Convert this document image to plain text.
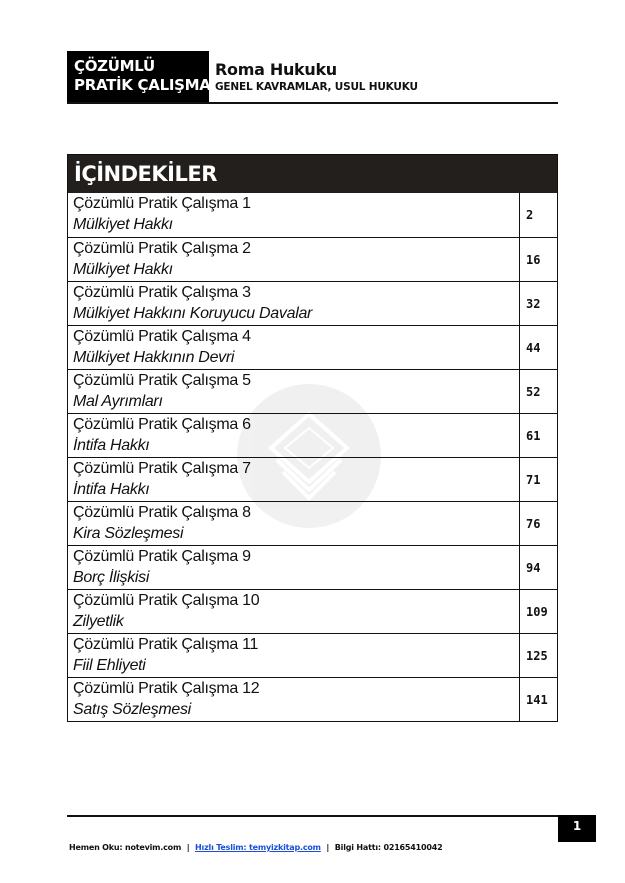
ÇÖZÜMLÜ
PRATİK ÇALIŞMA
Roma Hukuku
GENEL KAVRAMLAR, USUL HUKUKU
İÇİNDEKİLER
Çözümlü Pratik Çalışma 1
Mülkiyet Hakkı
2
Çözümlü Pratik Çalışma 2
Mülkiyet Hakkı
16
Çözümlü Pratik Çalışma 3
Mülkiyet Hakkını Koruyucu Davalar
32
Çözümlü Pratik Çalışma 4
Mülkiyet Hakkının Devri
44
Çözümlü Pratik Çalışma 5
Mal Ayrımları
52
Çözümlü Pratik Çalışma 6
İntifa Hakkı
61
Çözümlü Pratik Çalışma 7
İntifa Hakkı
71
Çözümlü Pratik Çalışma 8
Kira Sözleşmesi
76
Çözümlü Pratik Çalışma 9
Borç İlişkisi
94
Çözümlü Pratik Çalışma 10
Zilyetlik
109
Çözümlü Pratik Çalışma 11
Fiil Ehliyeti
125
Çözümlü Pratik Çalışma 12
Satış Sözleşmesi
141
1
Hemen Oku: notevim.com | Hızlı Teslim: temyizkitap.com | Bilgi Hattı: 02165410042
